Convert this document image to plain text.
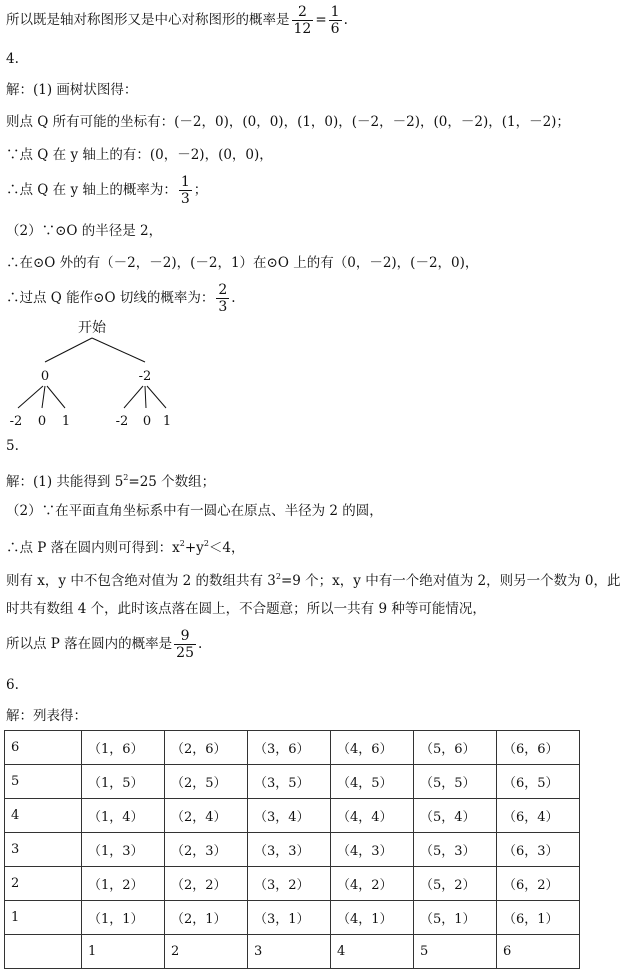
所以既是轴对称图形又是中心对称图形的概率是 $\frac{2}{12} = \frac{1}{6}$ .
4.
解：(1) 画树状图得：
则点 Q 所有可能的坐标有：(－2，0)，(0，0)，(1，0)，(－2，－2)，(0，－2)，(1，－2)；
∵点 Q 在 y 轴上的有：(0，－2)，(0，0)，
∴点 Q 在 y 轴上的概率为： $\frac{1}{3}$ ；
（2）∵⊙O 的半径是 2，
∴在⊙O 外的有（－2，－2)，(－2，1）在⊙O 上的有（0，－2)，(－2，0)，
∴过点 Q 能作⊙O 切线的概率为： $\frac{2}{3}$ .
开始
0	-2
-2 0 1	-2 0 1
5.
解：(1) 共能得到 $5^2=25$ 个数组；
（2）∵在平面直角坐标系中有一圆心在原点、半径为 2 的圆，
∴点 P 落在圆内则可得到：$x^2+y^2<4$，
则有 x，y 中不包含绝对值为 2 的数组共有 $3^2=9$ 个；x，y 中有一个绝对值为 2，则另一个数为 0，此
时共有数组 4 个，此时该点落在圆上，不合题意；所以一共有 9 种等可能情况，
所以点 P 落在圆内的概率是 $\frac{9}{25}$ .
6.
解：列表得：
6	（1，6）	（2，6）	（3，6）	（4，6）	（5，6）	（6，6）
5	（1，5）	（2，5）	（3，5）	（4，5）	（5，5）	（6，5）
4	（1，4）	（2，4）	（3，4）	（4，4）	（5，4）	（6，4）
3	（1，3）	（2，3）	（3，3）	（4，3）	（5，3）	（6，3）
2	（1，2）	（2，2）	（3，2）	（4，2）	（5，2）	（6，2）
1	（1，1）	（2，1）	（3，1）	（4，1）	（5，1）	（6，1）
	1	2	3	4	5	6
